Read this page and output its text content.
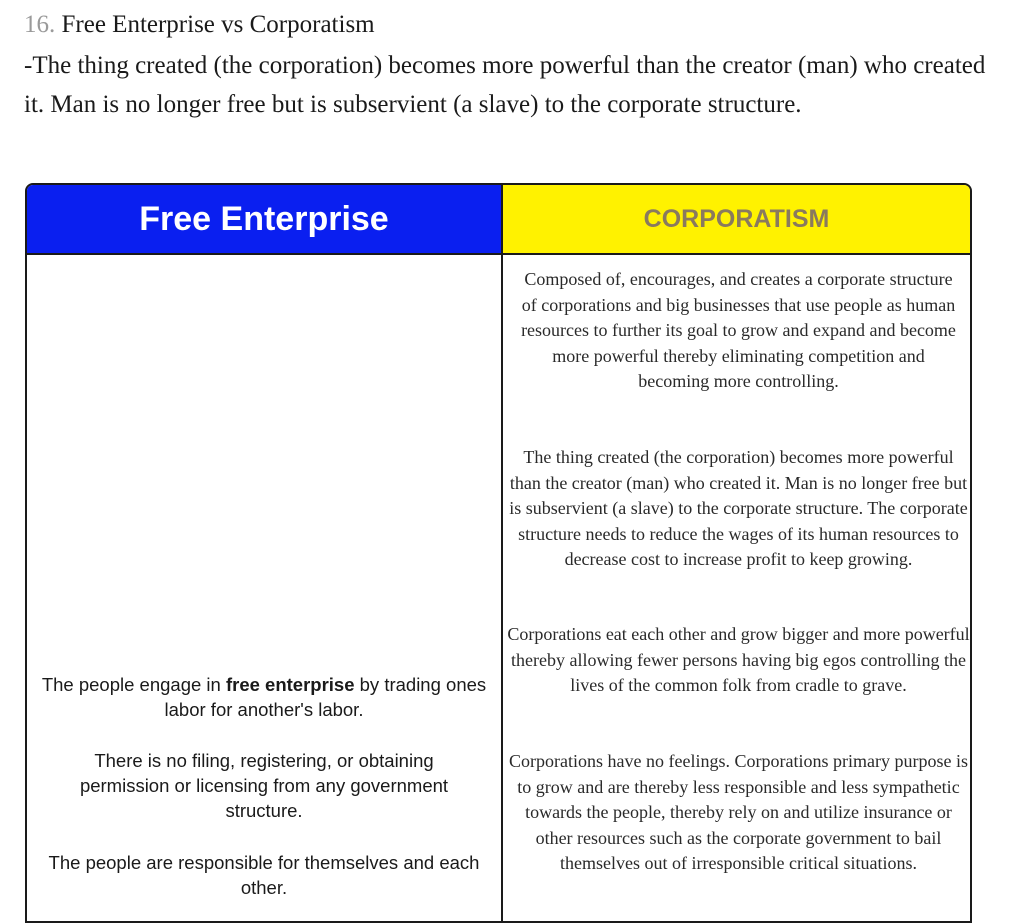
16. Free Enterprise vs Corporatism

-The thing created (the corporation) becomes more powerful than the creator (man) who created it. Man is no longer free but is subservient (a slave) to the corporate structure.

Free Enterprise	CORPORATISM

The people engage in free enterprise by trading ones labor for another's labor.

There is no filing, registering, or obtaining permission or licensing from any government structure.

The people are responsible for themselves and each other.

Composed of, encourages, and creates a corporate structure of corporations and big businesses that use people as human resources to further its goal to grow and expand and become more powerful thereby eliminating competition and becoming more controlling.

The thing created (the corporation) becomes more powerful than the creator (man) who created it. Man is no longer free but is subservient (a slave) to the corporate structure. The corporate structure needs to reduce the wages of its human resources to decrease cost to increase profit to keep growing.

Corporations eat each other and grow bigger and more powerful thereby allowing fewer persons having big egos controlling the lives of the common folk from cradle to grave.

Corporations have no feelings. Corporations primary purpose is to grow and are thereby less responsible and less sympathetic towards the people, thereby rely on and utilize insurance or other resources such as the corporate government to bail themselves out of irresponsible critical situations.
